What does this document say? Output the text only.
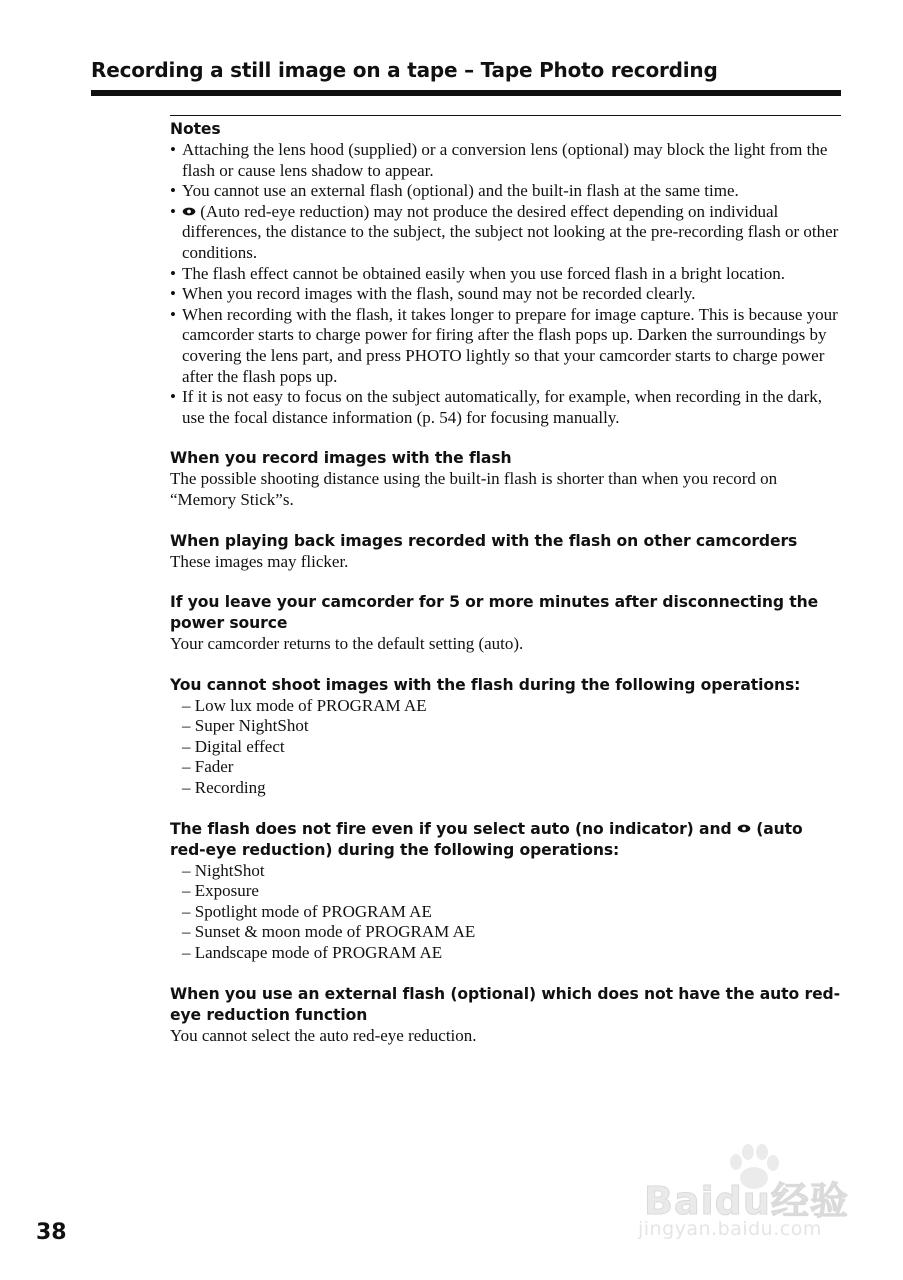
Recording a still image on a tape – Tape Photo recording
Notes
• Attaching the lens hood (supplied) or a conversion lens (optional) may block the light from the flash or cause lens shadow to appear.
• You cannot use an external flash (optional) and the built-in flash at the same time.
• (Auto red-eye reduction) may not produce the desired effect depending on individual differences, the distance to the subject, the subject not looking at the pre-recording flash or other conditions.
• The flash effect cannot be obtained easily when you use forced flash in a bright location.
• When you record images with the flash, sound may not be recorded clearly.
• When recording with the flash, it takes longer to prepare for image capture. This is because your camcorder starts to charge power for firing after the flash pops up. Darken the surroundings by covering the lens part, and press PHOTO lightly so that your camcorder starts to charge power after the flash pops up.
• If it is not easy to focus on the subject automatically, for example, when recording in the dark, use the focal distance information (p. 54) for focusing manually.
When you record images with the flash

The possible shooting distance using the built-in flash is shorter than when you record on “Memory Stick”s.

When playing back images recorded with the flash on other camcorders

These images may flicker.

If you leave your camcorder for 5 or more minutes after disconnecting the power source

Your camcorder returns to the default setting (auto).

You cannot shoot images with the flash during the following operations:
– Low lux mode of PROGRAM AE
– Super NightShot
– Digital effect
– Fader
– Recording
The flash does not fire even if you select auto (no indicator) and  (auto red-eye reduction) during the following operations:
– NightShot
– Exposure
– Spotlight mode of PROGRAM AE
– Sunset & moon mode of PROGRAM AE
– Landscape mode of PROGRAM AE
When you use an external flash (optional) which does not have the auto red-eye reduction function

You cannot select the auto red-eye reduction.

Baidu经验
jingyan.baidu.com

38
